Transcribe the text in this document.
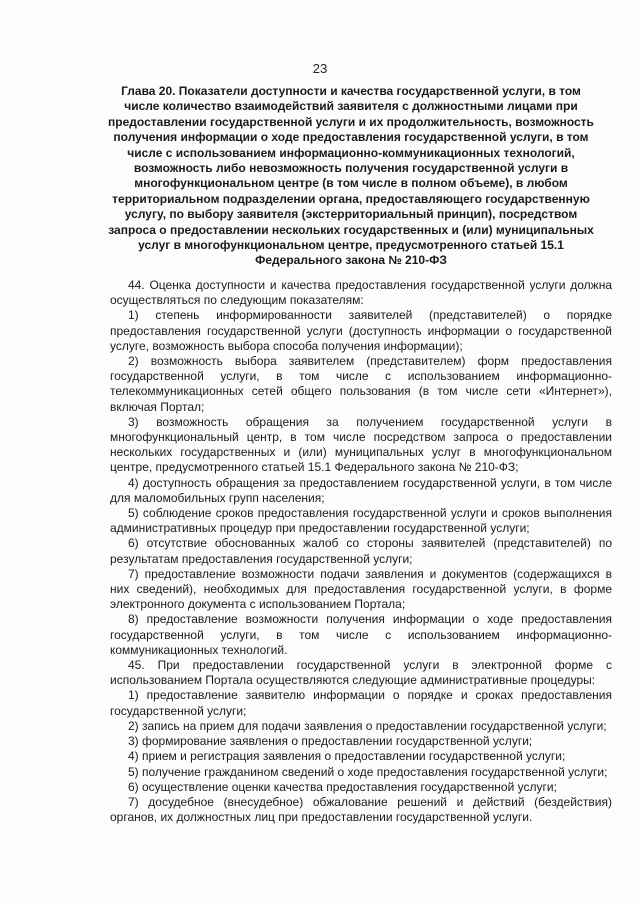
23
Глава 20. Показатели доступности и качества государственной услуги, в том числе количество взаимодействий заявителя с должностными лицами при предоставлении государственной услуги и их продолжительность, возможность получения информации о ходе предоставления государственной услуги, в том числе с использованием информационно-коммуникационных технологий, возможность либо невозможность получения государственной услуги в многофункциональном центре (в том числе в полном объеме), в любом территориальном подразделении органа, предоставляющего государственную услугу, по выбору заявителя (экстерриториальный принцип), посредством запроса о предоставлении нескольких государственных и (или) муниципальных услуг в многофункциональном центре, предусмотренного статьей 15.1 Федерального закона № 210-ФЗ

44. Оценка доступности и качества предоставления государственной услуги должна осуществляться по следующим показателям:

1) степень информированности заявителей (представителей) о порядке предоставления государственной услуги (доступность информации о государственной услуге, возможность выбора способа получения информации);

2) возможность выбора заявителем (представителем) форм предоставления государственной услуги, в том числе с использованием информационно-телекоммуникационных сетей общего пользования (в том числе сети «Интернет»), включая Портал;

3) возможность обращения за получением государственной услуги в многофункциональный центр, в том числе посредством запроса о предоставлении нескольких государственных и (или) муниципальных услуг в многофункциональном центре, предусмотренного статьей 15.1 Федерального закона № 210-ФЗ;

4) доступность обращения за предоставлением государственной услуги, в том числе для маломобильных групп населения;

5) соблюдение сроков предоставления государственной услуги и сроков выполнения административных процедур при предоставлении государственной услуги;

6) отсутствие обоснованных жалоб со стороны заявителей (представителей) по результатам предоставления государственной услуги;

7) предоставление возможности подачи заявления и документов (содержащихся в них сведений), необходимых для предоставления государственной услуги, в форме электронного документа с использованием Портала;

8) предоставление возможности получения информации о ходе предоставления государственной услуги, в том числе с использованием информационно-коммуникационных технологий.

45. При предоставлении государственной услуги в электронной форме с использованием Портала осуществляются следующие административные процедуры:

1) предоставление заявителю информации о порядке и сроках предоставления государственной услуги;

2) запись на прием для подачи заявления о предоставлении государственной услуги;

3) формирование заявления о предоставлении государственной услуги;

4) прием и регистрация заявления о предоставлении государственной услуги;

5) получение гражданином сведений о ходе предоставления государственной услуги;

6) осуществление оценки качества предоставления государственной услуги;

7) досудебное (внесудебное) обжалование решений и действий (бездействия) органов, их должностных лиц при предоставлении государственной услуги.
